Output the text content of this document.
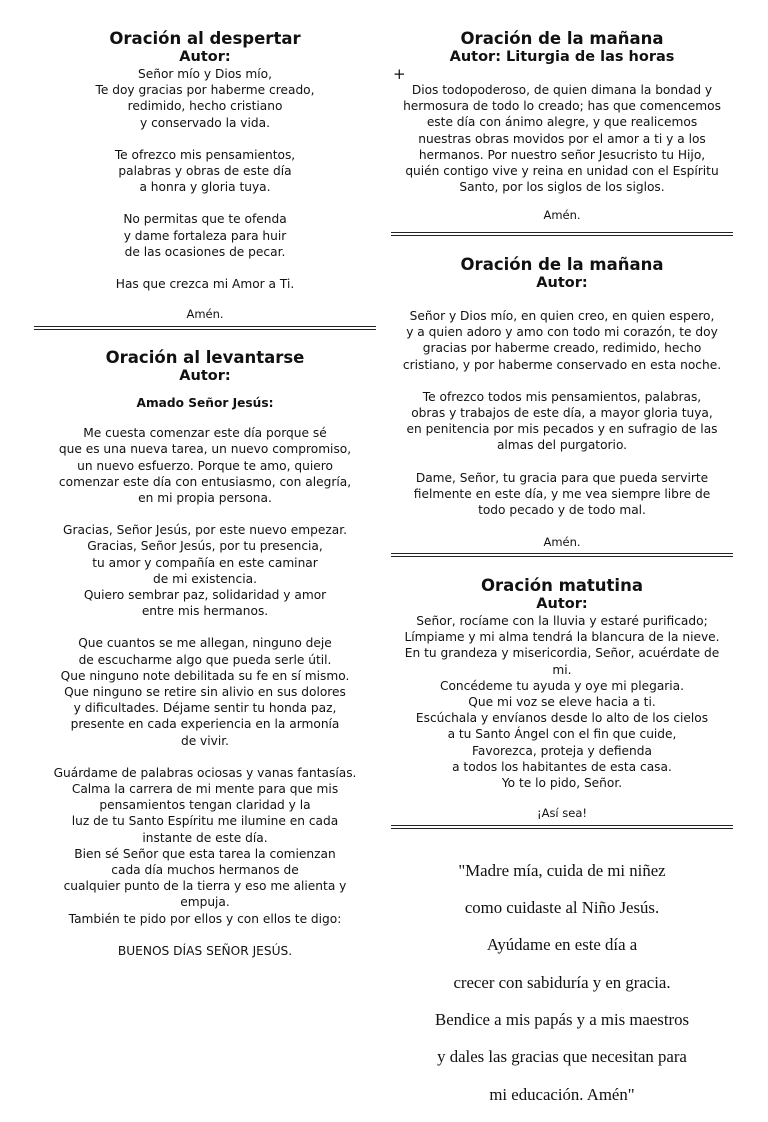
Oración al despertar
Autor:

Señor mío y Dios mío,

Te doy gracias por haberme creado,

redimido, hecho cristiano

y conservado la vida.

Te ofrezco mis pensamientos,

palabras y obras de este día

a honra y gloria tuya.

No permitas que te ofenda

y dame fortaleza para huir

de las ocasiones de pecar.

Has que crezca mi Amor a Ti.

Amén.
Oración al levantarse
Autor:
Amado Señor Jesús:

Me cuesta comenzar este día porque sé

que es una nueva tarea, un nuevo compromiso,

un nuevo esfuerzo. Porque te amo, quiero

comenzar este día con entusiasmo, con alegría,

en mi propia persona.

Gracias, Señor Jesús, por este nuevo empezar.

Gracias, Señor Jesús, por tu presencia,

tu amor y compañía en este caminar

de mi existencia.

Quiero sembrar paz, solidaridad y amor

entre mis hermanos.

Que cuantos se me allegan, ninguno deje

de escucharme algo que pueda serle útil.

Que ninguno note debilitada su fe en sí mismo.

Que ninguno se retire sin alivio en sus dolores

y dificultades. Déjame sentir tu honda paz,

presente en cada experiencia en la armonía

de vivir.

Guárdame de palabras ociosas y vanas fantasías.

Calma la carrera de mi mente para que mis

pensamientos tengan claridad y la

luz de tu Santo Espíritu me ilumine en cada

instante de este día.

Bien sé Señor que esta tarea la comienzan

cada día muchos hermanos de

cualquier punto de la tierra y eso me alienta y

empuja.

También te pido por ellos y con ellos te digo:

BUENOS DÍAS SEÑOR JESÚS.

Oración de la mañana
Autor: Liturgia de las horas
+

Dios todopoderoso, de quien dimana la bondad y

hermosura de todo lo creado; has que comencemos

este día con ánimo alegre, y que realicemos

nuestras obras movidos por el amor a ti y a los

hermanos. Por nuestro señor Jesucristo tu Hijo,

quién contigo vive y reina en unidad con el Espíritu

Santo, por los siglos de los siglos.

Amén.
Oración de la mañana
Autor:

Señor y Dios mío, en quien creo, en quien espero,

y a quien adoro y amo con todo mi corazón, te doy

gracias por haberme creado, redimido, hecho

cristiano, y por haberme conservado en esta noche.

Te ofrezco todos mis pensamientos, palabras,

obras y trabajos de este día, a mayor gloria tuya,

en penitencia por mis pecados y en sufragio de las

almas del purgatorio.

Dame, Señor, tu gracia para que pueda servirte

fielmente en este día, y me vea siempre libre de

todo pecado y de todo mal.

Amén.
Oración matutina
Autor:

Señor, rocíame con la lluvia y estaré purificado;

Límpiame y mi alma tendrá la blancura de la nieve.

En tu grandeza y misericordia, Señor, acuérdate de

mi.

Concédeme tu ayuda y oye mi plegaria.

Que mi voz se eleve hacia a ti.

Escúchala y envíanos desde lo alto de los cielos

a tu Santo Ángel con el fin que cuide,

Favorezca, proteja y defienda

a todos los habitantes de esta casa.

Yo te lo pido, Señor.

¡Así sea!

"Madre mía, cuida de mi niñez

como cuidaste al Niño Jesús.

Ayúdame en este día a

crecer con sabiduría y en gracia.

Bendice a mis papás y a mis maestros

y dales las gracias que necesitan para

mi educación. Amén"
